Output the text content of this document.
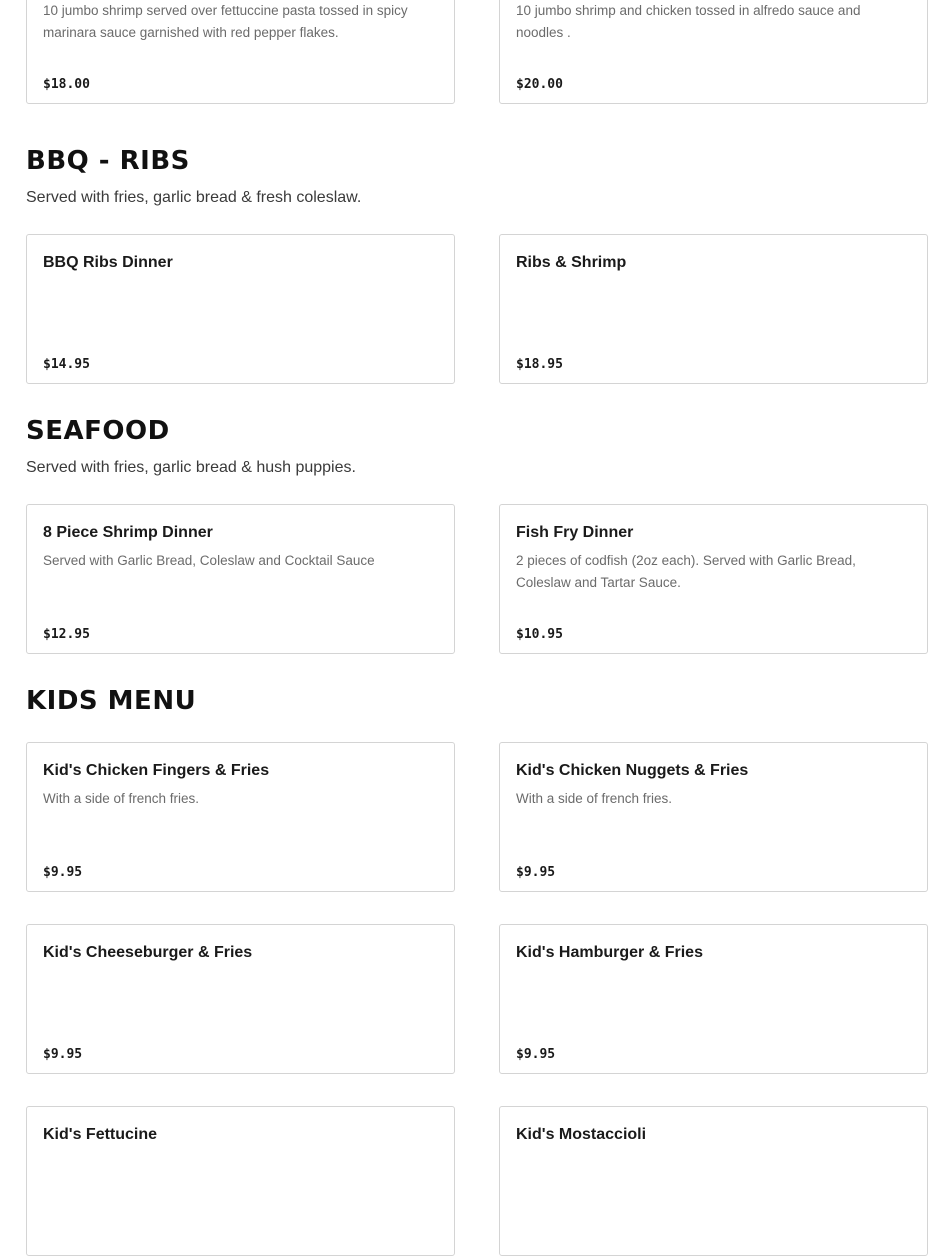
10 jumbo shrimp served over fettuccine pasta tossed in spicy marinara sauce garnished with red pepper flakes.
$18.00
10 jumbo shrimp and chicken tossed in alfredo sauce and noodles .
$20.00
BBQ - RIBS

Served with fries, garlic bread & fresh coleslaw.

BBQ Ribs Dinner
$14.95
Ribs & Shrimp
$18.95
SEAFOOD

Served with fries, garlic bread & hush puppies.

8 Piece Shrimp Dinner
Served with Garlic Bread, Coleslaw and Cocktail Sauce
$12.95
Fish Fry Dinner
2 pieces of codfish (2oz each). Served with Garlic Bread, Coleslaw and Tartar Sauce.
$10.95
KIDS MENU
Kid's Chicken Fingers & Fries
With a side of french fries.
$9.95
Kid's Chicken Nuggets & Fries
With a side of french fries.
$9.95
Kid's Cheeseburger & Fries
$9.95
Kid's Hamburger & Fries
$9.95
Kid's Fettucine	Kid's Mostaccioli
